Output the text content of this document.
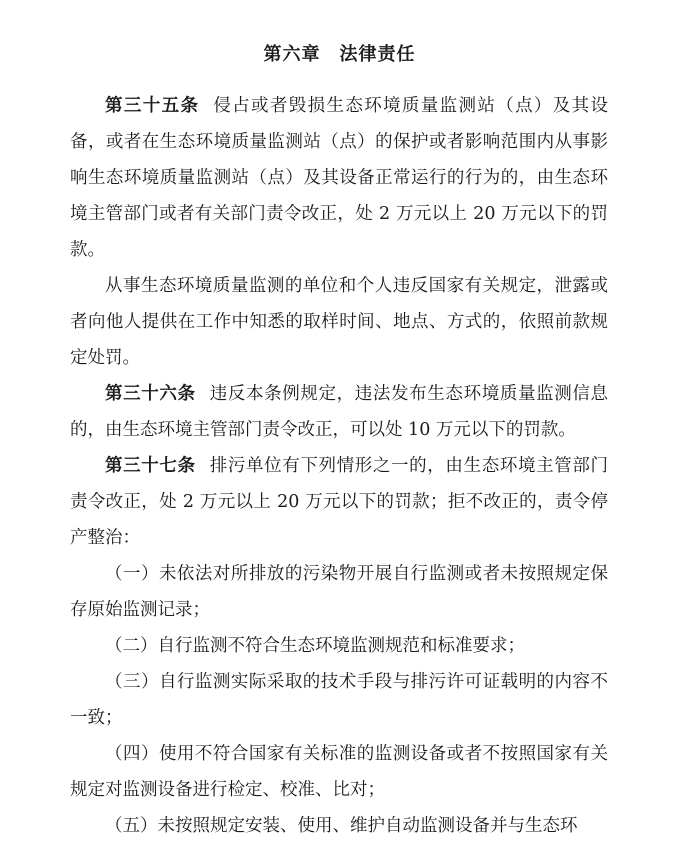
第六章　法律责任

第三十五条 侵占或者毁损生态环境质量监测站（点）及其设备，或者在生态环境质量监测站（点）的保护或者影响范围内从事影响生态环境质量监测站（点）及其设备正常运行的行为的，由生态环境主管部门或者有关部门责令改正，处 2 万元以上 20 万元以下的罚款。

从事生态环境质量监测的单位和个人违反国家有关规定，泄露或者向他人提供在工作中知悉的取样时间、地点、方式的，依照前款规定处罚。

第三十六条 违反本条例规定，违法发布生态环境质量监测信息的，由生态环境主管部门责令改正，可以处 10 万元以下的罚款。

第三十七条 排污单位有下列情形之一的，由生态环境主管部门责令改正，处 2 万元以上 20 万元以下的罚款；拒不改正的，责令停产整治：

（一）未依法对所排放的污染物开展自行监测或者未按照规定保存原始监测记录；

（二）自行监测不符合生态环境监测规范和标准要求；

（三）自行监测实际采取的技术手段与排污许可证载明的内容不一致；

（四）使用不符合国家有关标准的监测设备或者不按照国家有关规定对监测设备进行检定、校准、比对；

（五）未按照规定安装、使用、维护自动监测设备并与生态环
